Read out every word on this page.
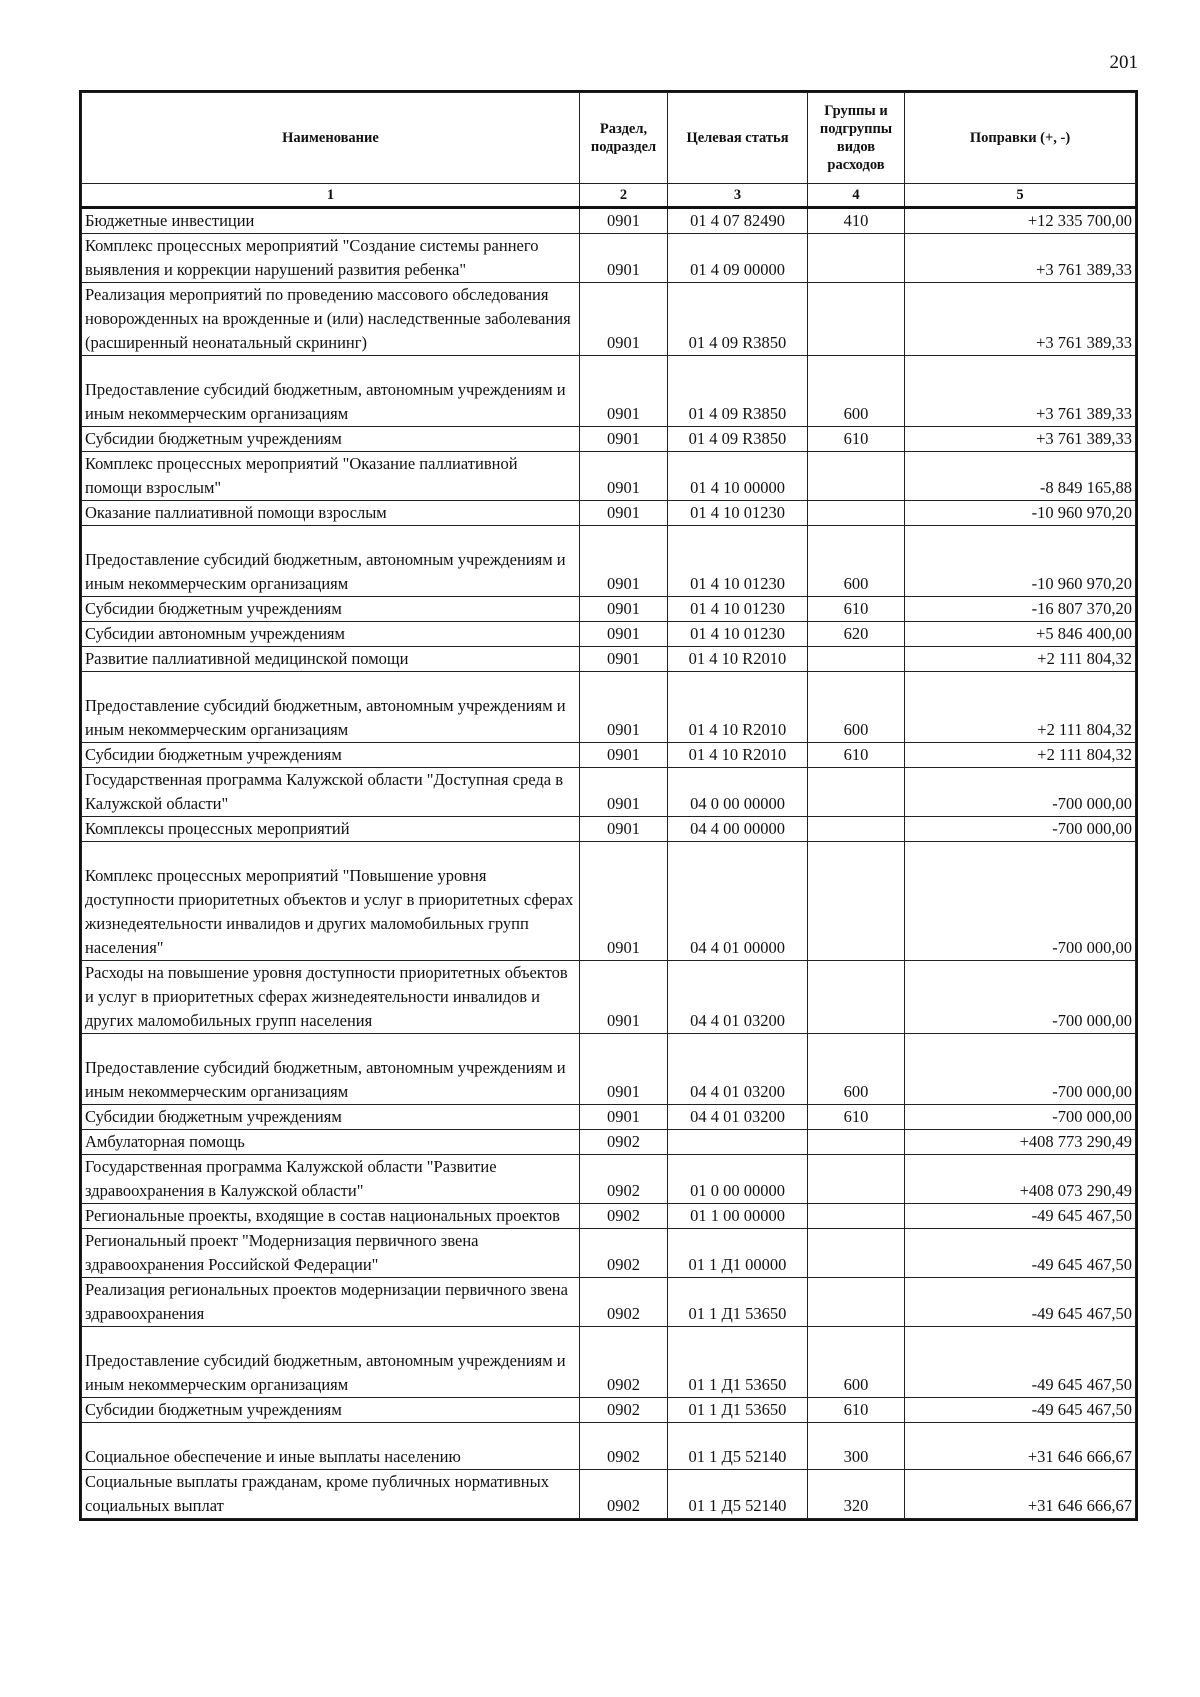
201
Наименование	Раздел, подраздел	Целевая статья	Группы и подгруппы видов расходов	Поправки (+, -)
1	2	3	4	5
Бюджетные инвестиции	0901	01 4 07 82490	410	+12 335 700,00
Комплекс процессных мероприятий "Создание системы раннего выявления и коррекции нарушений развития ребенка"	0901	01 4 09 00000		+3 761 389,33
Реализация мероприятий по проведению массового обследования новорожденных на врожденные и (или) наследственные заболевания (расширенный неонатальный скрининг)	0901	01 4 09 R3850		+3 761 389,33
Предоставление субсидий бюджетным, автономным учреждениям и иным некоммерческим организациям	0901	01 4 09 R3850	600	+3 761 389,33
Субсидии бюджетным учреждениям	0901	01 4 09 R3850	610	+3 761 389,33
Комплекс процессных мероприятий "Оказание паллиативной помощи взрослым"	0901	01 4 10 00000		-8 849 165,88
Оказание паллиативной помощи взрослым	0901	01 4 10 01230		-10 960 970,20
Предоставление субсидий бюджетным, автономным учреждениям и иным некоммерческим организациям	0901	01 4 10 01230	600	-10 960 970,20
Субсидии бюджетным учреждениям	0901	01 4 10 01230	610	-16 807 370,20
Субсидии автономным учреждениям	0901	01 4 10 01230	620	+5 846 400,00
Развитие паллиативной медицинской помощи	0901	01 4 10 R2010		+2 111 804,32
Предоставление субсидий бюджетным, автономным учреждениям и иным некоммерческим организациям	0901	01 4 10 R2010	600	+2 111 804,32
Субсидии бюджетным учреждениям	0901	01 4 10 R2010	610	+2 111 804,32
Государственная программа Калужской области "Доступная среда в Калужской области"	0901	04 0 00 00000		-700 000,00
Комплексы процессных мероприятий	0901	04 4 00 00000		-700 000,00
Комплекс процессных мероприятий "Повышение уровня доступности приоритетных объектов и услуг в приоритетных сферах жизнедеятельности инвалидов и других маломобильных групп населения"	0901	04 4 01 00000		-700 000,00
Расходы на повышение уровня доступности приоритетных объектов и услуг в приоритетных сферах жизнедеятельности инвалидов и других маломобильных групп населения	0901	04 4 01 03200		-700 000,00
Предоставление субсидий бюджетным, автономным учреждениям и иным некоммерческим организациям	0901	04 4 01 03200	600	-700 000,00
Субсидии бюджетным учреждениям	0901	04 4 01 03200	610	-700 000,00
Амбулаторная помощь	0902			+408 773 290,49
Государственная программа Калужской области "Развитие здравоохранения в Калужской области"	0902	01 0 00 00000		+408 073 290,49
Региональные проекты, входящие в состав национальных проектов	0902	01 1 00 00000		-49 645 467,50
Региональный проект "Модернизация первичного звена здравоохранения Российской Федерации"	0902	01 1 Д1 00000		-49 645 467,50
Реализация региональных проектов модернизации первичного звена здравоохранения	0902	01 1 Д1 53650		-49 645 467,50
Предоставление субсидий бюджетным, автономным учреждениям и иным некоммерческим организациям	0902	01 1 Д1 53650	600	-49 645 467,50
Субсидии бюджетным учреждениям	0902	01 1 Д1 53650	610	-49 645 467,50
Социальное обеспечение и иные выплаты населению	0902	01 1 Д5 52140	300	+31 646 666,67
Социальные выплаты гражданам, кроме публичных нормативных социальных выплат	0902	01 1 Д5 52140	320	+31 646 666,67
